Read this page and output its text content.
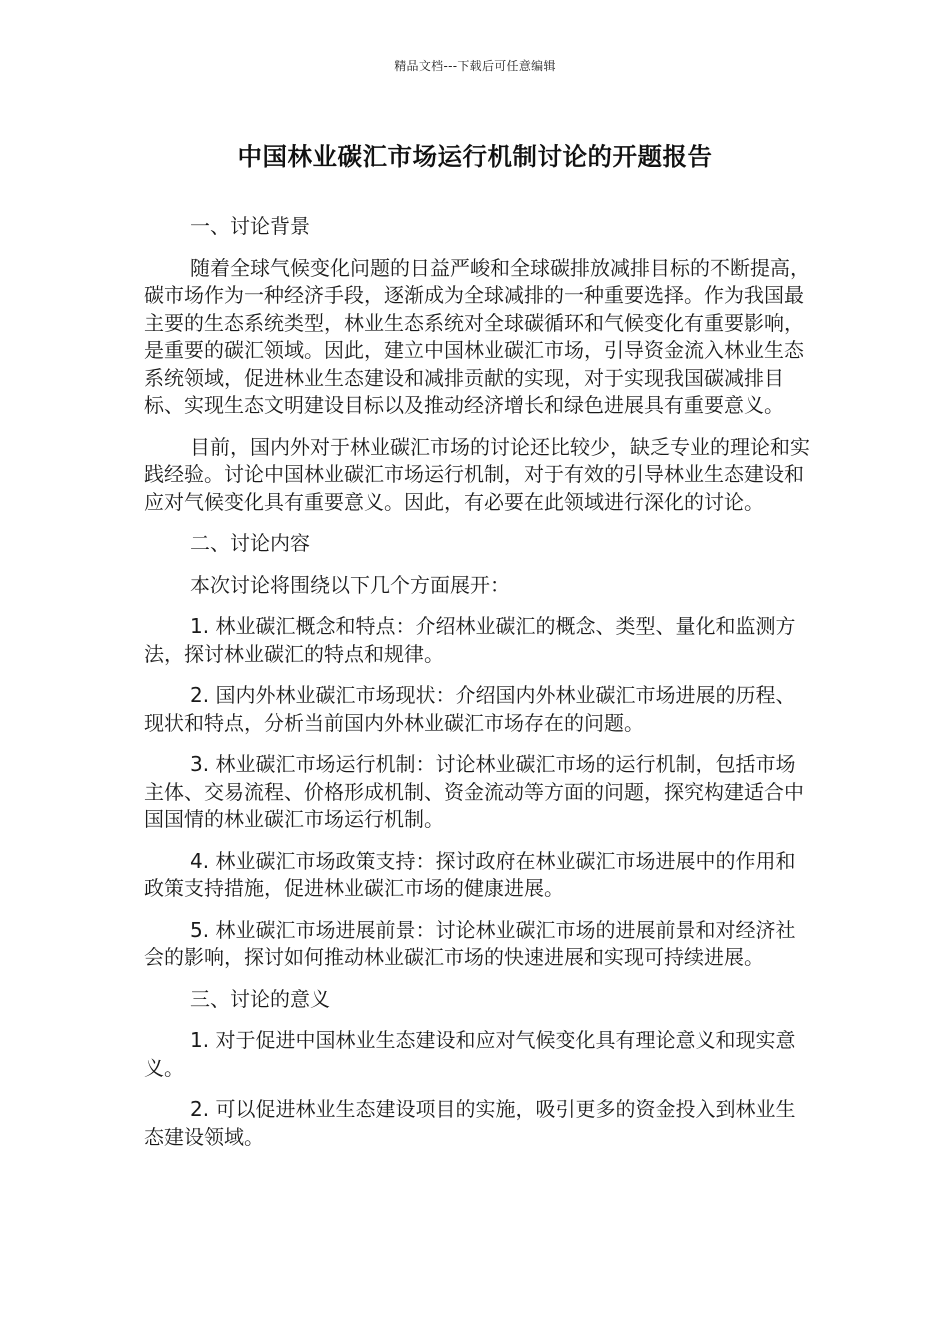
精品文档---下载后可任意编辑
中国林业碳汇市场运行机制讨论的开题报告

一、讨论背景

随着全球气候变化问题的日益严峻和全球碳排放减排目标的不断提高，碳市场作为一种经济手段，逐渐成为全球减排的一种重要选择。作为我国最主要的生态系统类型，林业生态系统对全球碳循环和气候变化有重要影响，是重要的碳汇领域。因此，建立中国林业碳汇市场，引导资金流入林业生态系统领域，促进林业生态建设和减排贡献的实现，对于实现我国碳减排目标、实现生态文明建设目标以及推动经济增长和绿色进展具有重要意义。

目前，国内外对于林业碳汇市场的讨论还比较少，缺乏专业的理论和实践经验。讨论中国林业碳汇市场运行机制，对于有效的引导林业生态建设和应对气候变化具有重要意义。因此，有必要在此领域进行深化的讨论。

二、讨论内容

本次讨论将围绕以下几个方面展开：

1. 林业碳汇概念和特点：介绍林业碳汇的概念、类型、量化和监测方法，探讨林业碳汇的特点和规律。

2. 国内外林业碳汇市场现状：介绍国内外林业碳汇市场进展的历程、现状和特点，分析当前国内外林业碳汇市场存在的问题。

3. 林业碳汇市场运行机制：讨论林业碳汇市场的运行机制，包括市场主体、交易流程、价格形成机制、资金流动等方面的问题，探究构建适合中国国情的林业碳汇市场运行机制。

4. 林业碳汇市场政策支持：探讨政府在林业碳汇市场进展中的作用和政策支持措施，促进林业碳汇市场的健康进展。

5. 林业碳汇市场进展前景：讨论林业碳汇市场的进展前景和对经济社会的影响，探讨如何推动林业碳汇市场的快速进展和实现可持续进展。

三、讨论的意义

1. 对于促进中国林业生态建设和应对气候变化具有理论意义和现实意义。

2. 可以促进林业生态建设项目的实施，吸引更多的资金投入到林业生态建设领域。
